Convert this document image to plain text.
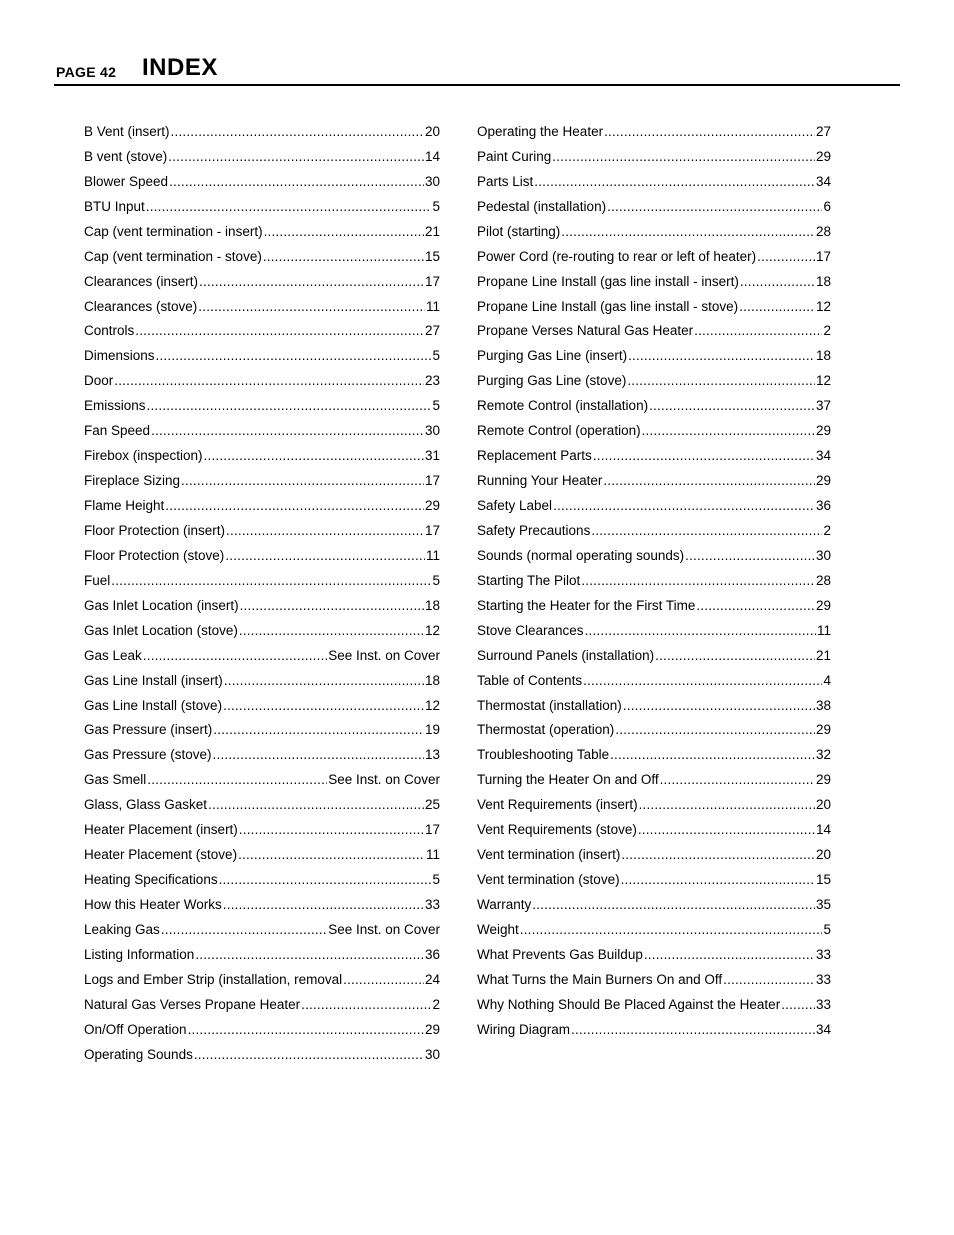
PAGE 42 INDEX
B Vent (insert) .....	20
B vent (stove) .....	14
Blower Speed .....	30
BTU Input .....	5
Cap (vent termination - insert) .....	21
Cap (vent termination - stove) .....	15
Clearances (insert) .....	17
Clearances (stove) .....	11
Controls .....	27
Dimensions .....	5
Door .....	23
Emissions .....	5
Fan Speed .....	30
Firebox (inspection) .....	31
Fireplace Sizing .....	17
Flame Height .....	29
Floor Protection (insert) .....	17
Floor Protection (stove) .....	11
Fuel .....	5
Gas Inlet Location (insert) .....	18
Gas Inlet Location (stove) .....	12
Gas Leak .....	See Inst. on Cover
Gas Line Install (insert) .....	18
Gas Line Install (stove) .....	12
Gas Pressure (insert) .....	19
Gas Pressure (stove) .....	13
Gas Smell .....	See Inst. on Cover
Glass, Glass Gasket .....	25
Heater Placement (insert) .....	17
Heater Placement (stove) .....	11
Heating Specifications .....	5
How this Heater Works .....	33
Leaking Gas .....	See Inst. on Cover
Listing Information .....	36
Logs and Ember Strip (installation, removal .....	24
Natural Gas Verses Propane Heater .....	2
On/Off Operation .....	29
Operating Sounds .....	30
Operating the Heater .....	27
Paint Curing .....	29
Parts List .....	34
Pedestal (installation) .....	6
Pilot (starting) .....	28
Power Cord (re-routing to rear or left of heater) .....	17
Propane Line Install (gas line install - insert) .....	18
Propane Line Install (gas line install - stove) .....	12
Propane Verses Natural Gas Heater .....	2
Purging Gas Line (insert) .....	18
Purging Gas Line (stove) .....	12
Remote Control (installation) .....	37
Remote Control (operation) .....	29
Replacement Parts .....	34
Running Your Heater .....	29
Safety Label .....	36
Safety Precautions .....	2
Sounds (normal operating sounds) .....	30
Starting The Pilot .....	28
Starting the Heater for the First Time .....	29
Stove Clearances .....	11
Surround Panels (installation) .....	21
Table of Contents .....	4
Thermostat (installation) .....	38
Thermostat (operation) .....	29
Troubleshooting Table .....	32
Turning the Heater On and Off .....	29
Vent Requirements (insert) .....	20
Vent Requirements (stove) .....	14
Vent termination (insert) .....	20
Vent termination (stove) .....	15
Warranty .....	35
Weight .....	5
What Prevents Gas Buildup .....	33
What Turns the Main Burners On and Off .....	33
Why Nothing Should Be Placed Against the Heater .....	33
Wiring Diagram .....	34
